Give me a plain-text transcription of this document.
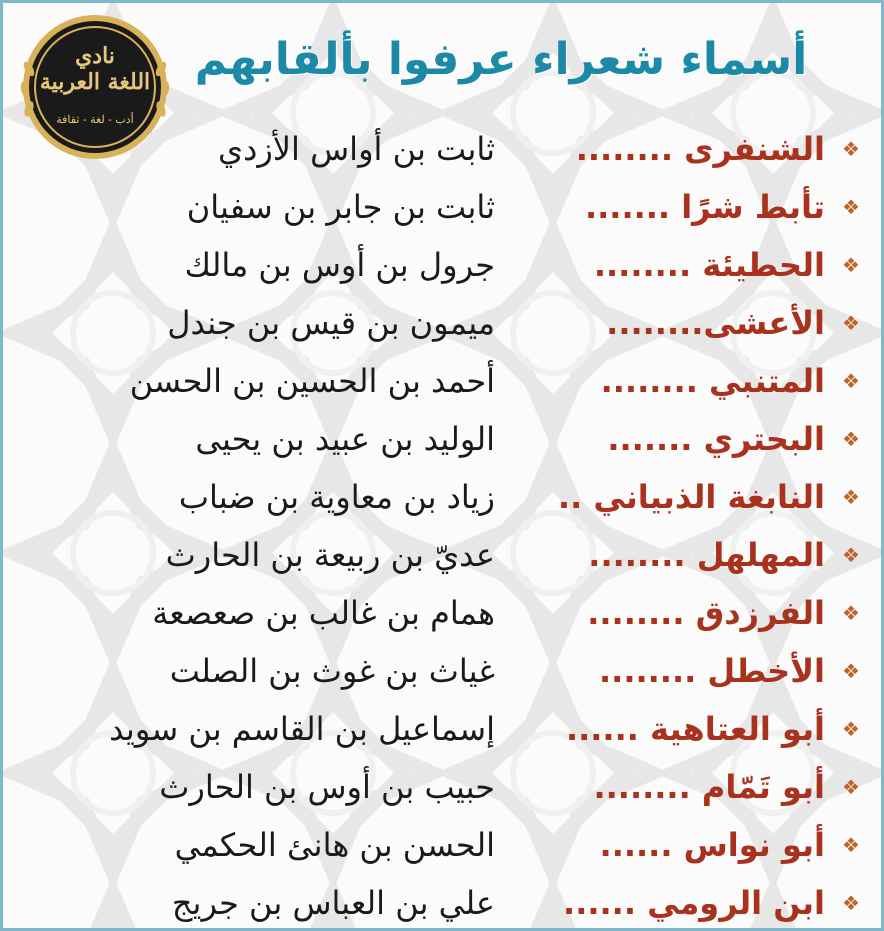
نادي
اللغة العربية
أدب - لغة - ثقافة
أسماء شعراء عرفوا بألقابهم
❖
الشنفرى ........
ثابت بن أواس الأزدي
❖
تأبط شرًا .......
ثابت بن جابر بن سفيان
❖
الحطيئة ........
جرول بن أوس بن مالك
❖
الأعشى........
ميمون بن قيس بن جندل
❖
المتنبي ........
أحمد بن الحسين بن الحسن
❖
البحتري .......
الوليد بن عبيد بن يحيى
❖
النابغة الذبياني ..
زياد بن معاوية بن ضباب
❖
المهلهل ........
عديّ بن ربيعة بن الحارث
❖
الفرزدق ........
همام بن غالب بن صعصعة
❖
الأخطل ........
غياث بن غوث بن الصلت
❖
أبو العتاهية ......
إسماعيل بن القاسم بن سويد
❖
أبو تَمّام ........
حبيب بن أوس بن الحارث
❖
أبو نواس ......
الحسن بن هانئ الحكمي
❖
ابن الرومي ......
علي بن العباس بن جريج
